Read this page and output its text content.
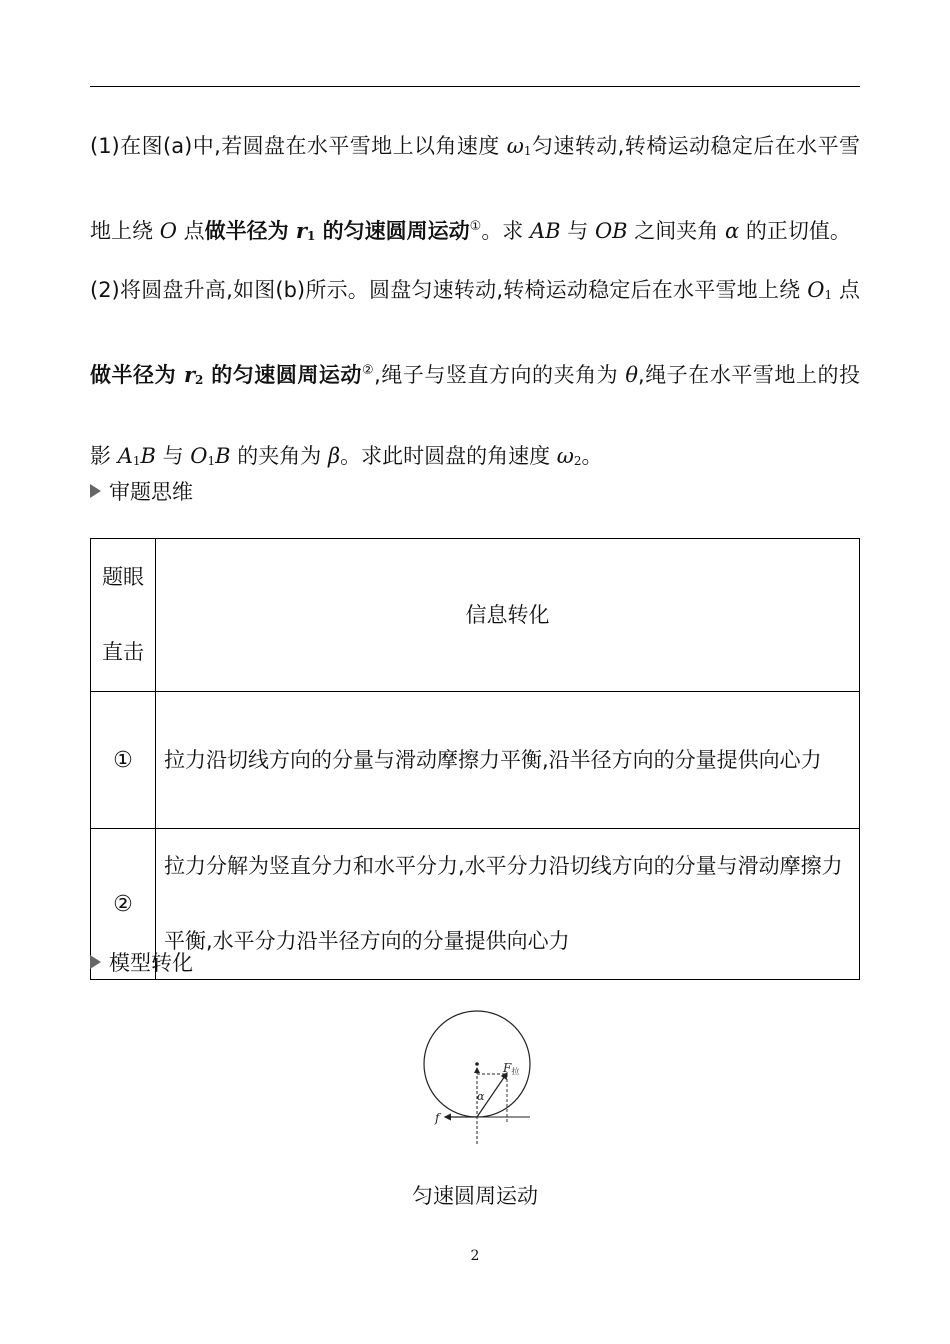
(1)在图(a)中,若圆盘在水平雪地上以角速度 ω1匀速转动,转椅运动稳定后在水平雪地上绕 O 点做半径为 r1 的匀速圆周运动①。求 AB 与 OB 之间夹角 α 的正切值。

(2)将圆盘升高,如图(b)所示。圆盘匀速转动,转椅运动稳定后在水平雪地上绕 O1 点做半径为 r2 的匀速圆周运动②,绳子与竖直方向的夹角为 θ,绳子在水平雪地上的投影 A1B 与 O1B 的夹角为 β。求此时圆盘的角速度 ω2。

审题思维
题眼
直击	信息转化
①	拉力沿切线方向的分量与滑动摩擦力平衡,沿半径方向的分量提供向心力
②	拉力分解为竖直分力和水平分力,水平分力沿切线方向的分量与滑动摩擦力平衡,水平分力沿半径方向的分量提供向心力
模型转化
F拉
α
f
匀速圆周运动
2
